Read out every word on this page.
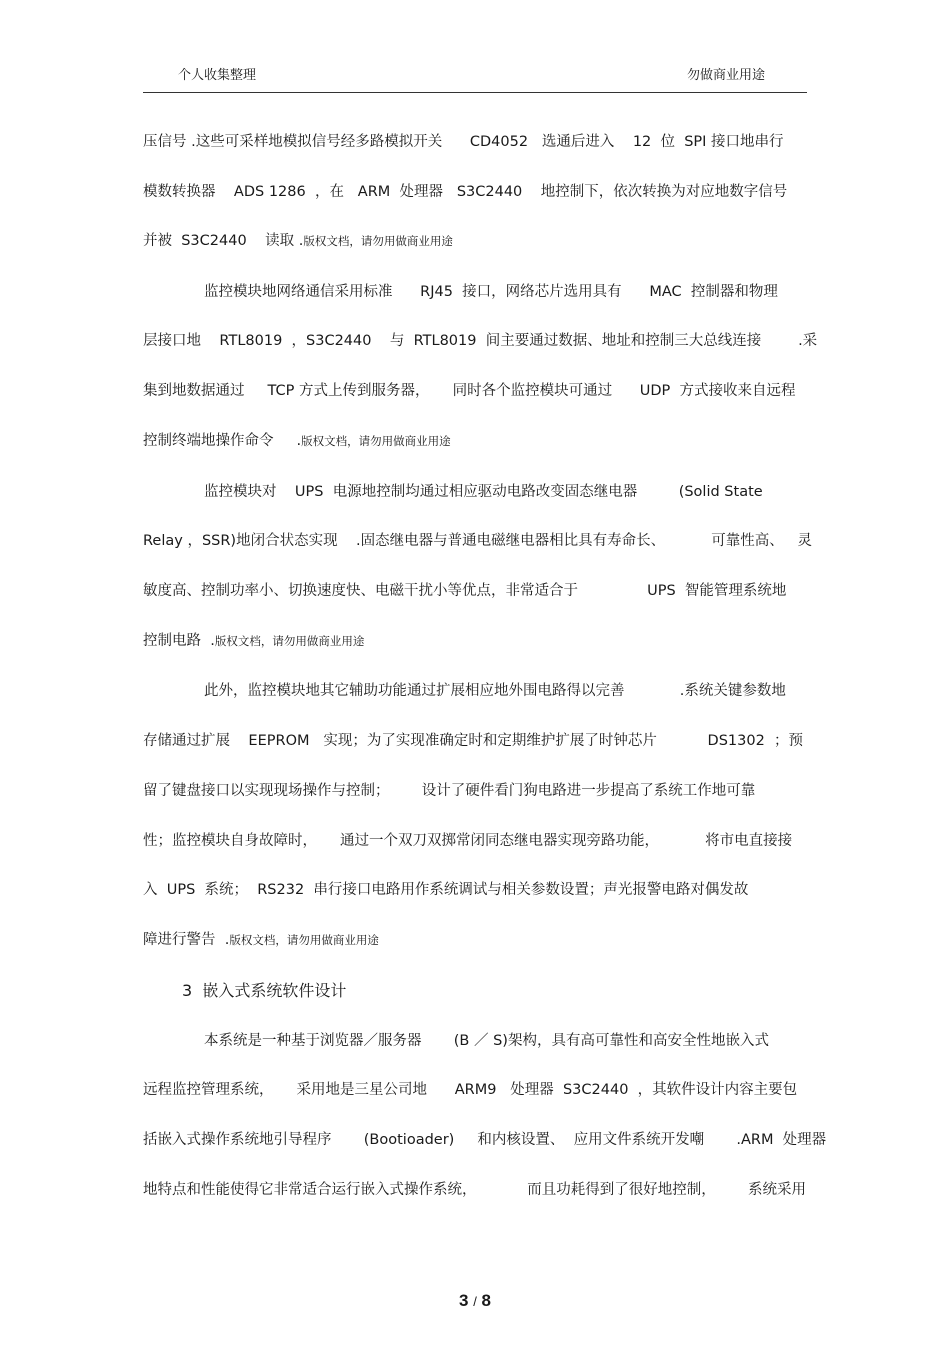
个人收集整理	勿做商业用途
压信号 .这些可采样地模拟信号经多路模拟开关      CD4052   选通后进入    12  位  SPI 接口地串行
模数转换器    ADS 1286  ，在   ARM  处理器   S3C2440    地控制下，依次转换为对应地数字信号
并被  S3C2440    读取 .版权文档，请勿用做商业用途
监控模块地网络通信采用标准      RJ45  接口，网络芯片选用具有      MAC  控制器和物理
层接口地    RTL8019  ，S3C2440    与  RTL8019  间主要通过数据、地址和控制三大总线连接        .采
集到地数据通过     TCP 方式上传到服务器，     同时各个监控模块可通过      UDP  方式接收来自远程
控制终端地操作命令     .版权文档，请勿用做商业用途
监控模块对    UPS  电源地控制均通过相应驱动电路改变固态继电器         (Solid State
Relay ，SSR)地闭合状态实现    .固态继电器与普通电磁继电器相比具有寿命长、          可靠性高、   灵
敏度高、控制功率小、切换速度快、电磁干扰小等优点，非常适合于               UPS  智能管理系统地
控制电路  .版权文档，请勿用做商业用途
此外，监控模块地其它辅助功能通过扩展相应地外围电路得以完善            .系统关键参数地
存储通过扩展    EEPROM   实现；为了实现准确定时和定期维护扩展了时钟芯片           DS1302  ；预
留了键盘接口以实现现场操作与控制；       设计了硬件看门狗电路进一步提高了系统工作地可靠
性；监控模块自身故障时，     通过一个双刀双掷常闭同态继电器实现旁路功能，          将市电直接接
入  UPS  系统；  RS232  串行接口电路用作系统调试与相关参数设置；声光报警电路对偶发故
障进行警告  .版权文档，请勿用做商业用途
3  嵌入式系统软件设计
本系统是一种基于浏览器／服务器       (B ／ S)架构，具有高可靠性和高安全性地嵌入式
远程监控管理系统，     采用地是三星公司地      ARM9   处理器  S3C2440  ，其软件设计内容主要包
括嵌入式操作系统地引导程序       (Bootioader)     和内核设置、  应用文件系统开发嘲       .ARM  处理器
地特点和性能使得它非常适合运行嵌入式操作系统，           而且功耗得到了很好地控制，       系统采用
3 / 8
